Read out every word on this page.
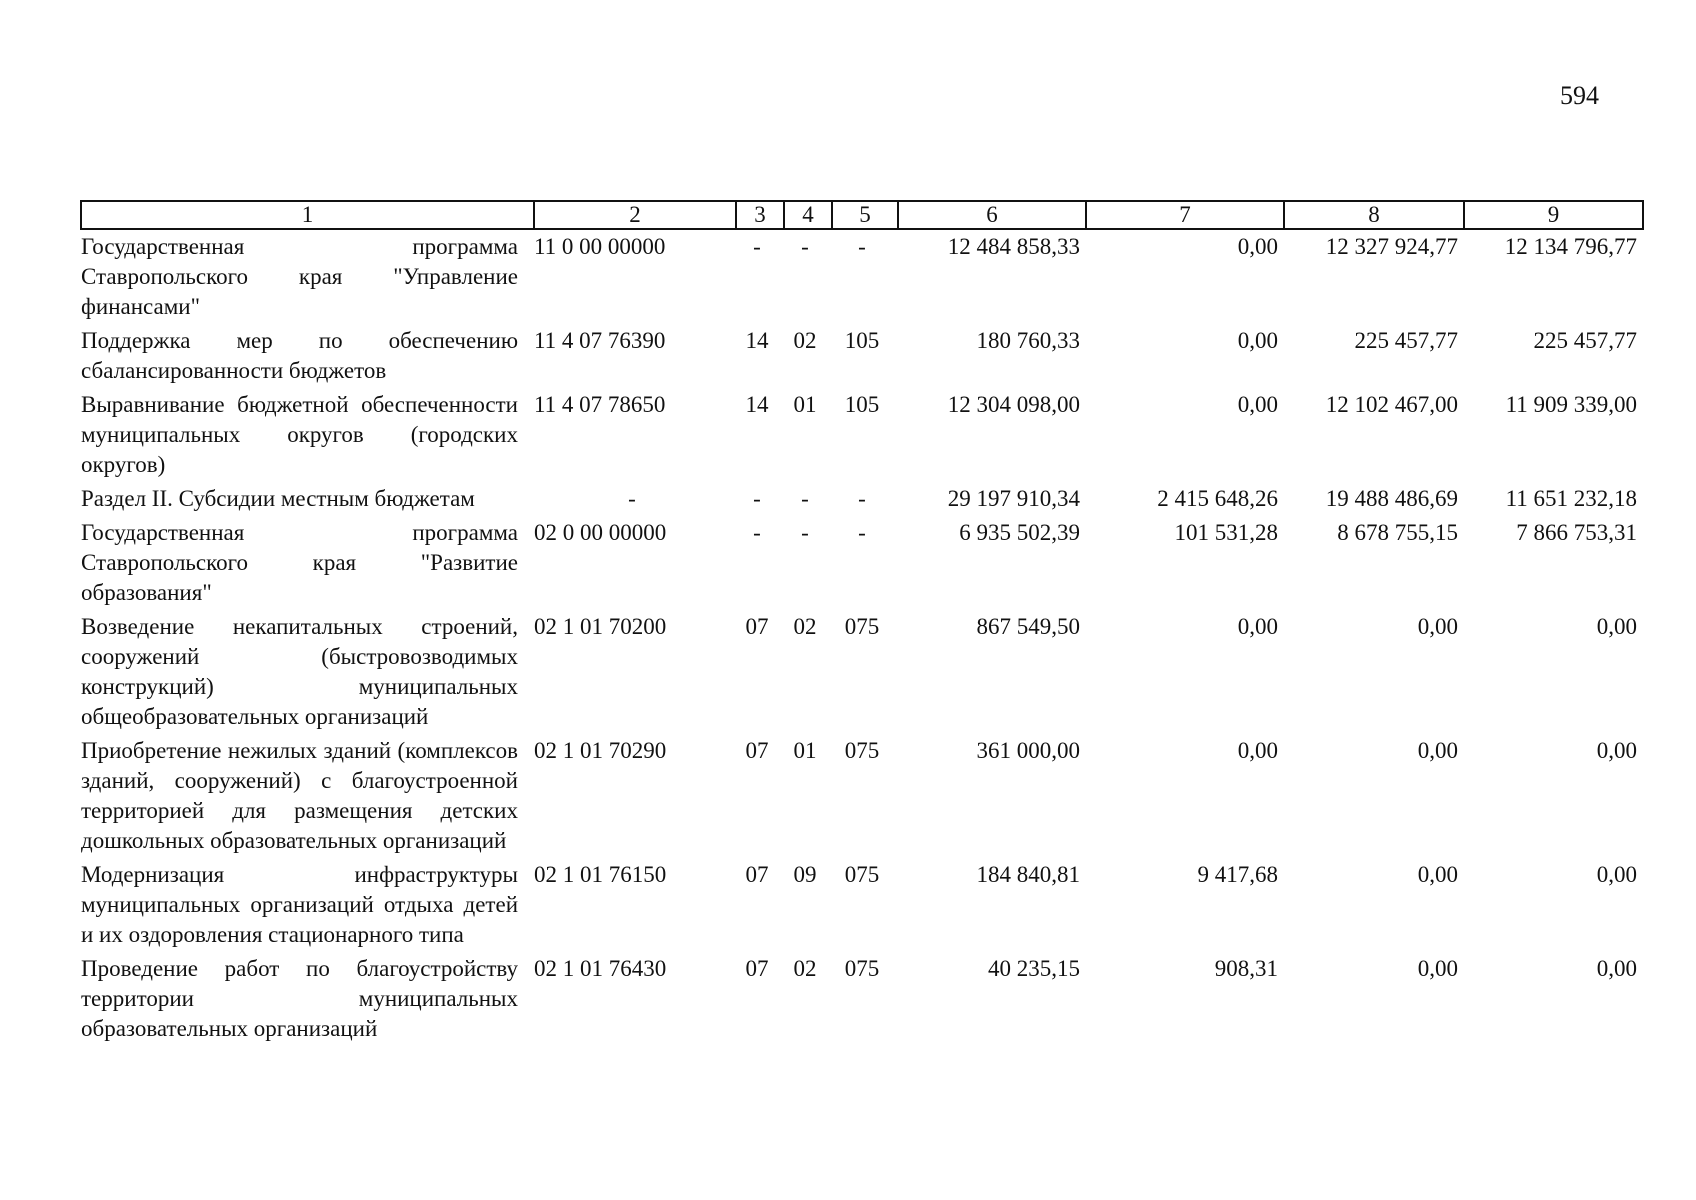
594
1	2	3	4	5	6	7	8	9
Государственная программа Ставропольского края "Управление финансами"	11 0 00 00000	-	-	-	12 484 858,33	0,00	12 327 924,77	12 134 796,77
Поддержка мер по обеспечению сбалансированности бюджетов	11 4 07 76390	14	02	105	180 760,33	0,00	225 457,77	225 457,77
Выравнивание бюджетной обеспеченности муниципальных округов (городских округов)	11 4 07 78650	14	01	105	12 304 098,00	0,00	12 102 467,00	11 909 339,00
Раздел II. Субсидии местным бюджетам	-	-	-	-	29 197 910,34	2 415 648,26	19 488 486,69	11 651 232,18
Государственная программа Ставропольского края "Развитие образования"	02 0 00 00000	-	-	-	6 935 502,39	101 531,28	8 678 755,15	7 866 753,31
Возведение некапитальных строений, сооружений (быстровозводимых конструкций) муниципальных общеобразовательных организаций	02 1 01 70200	07	02	075	867 549,50	0,00	0,00	0,00
Приобретение нежилых зданий (комплексов зданий, сооружений) с благоустроенной территорией для размещения детских дошкольных образовательных организаций	02 1 01 70290	07	01	075	361 000,00	0,00	0,00	0,00
Модернизация инфраструктуры муниципальных организаций отдыха детей и их оздоровления стационарного типа	02 1 01 76150	07	09	075	184 840,81	9 417,68	0,00	0,00
Проведение работ по благоустройству территории муниципальных образовательных организаций	02 1 01 76430	07	02	075	40 235,15	908,31	0,00	0,00
